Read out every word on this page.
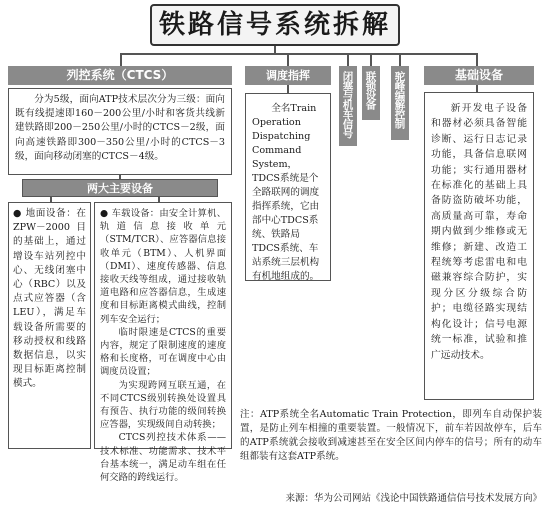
铁路信号系统拆解
列控系统（CTCS）

分为5级，面向ATP技术层次分为三级：面向既有线提速即160－200公里/小时和客货共线新建铁路即200－250公里/小时的CTCS－2级，面向高速铁路即300－350公里/小时的CTCS－3级，面向移动闭塞的CTCS－4级。

两大主要设备

● 地面设备：在ZPW－2000目的基础上，通过增设车站列控中心、无线闭塞中心（RBC）以及点式应答器（含LEU），满足车载设备所需要的移动授权和线路数据信息，以实现目标距离控制模式。

● 车载设备：由安全计算机、轨道信息接收单元（STM/TCR）、应答器信息接收单元（BTM）、人机界面（DMI）、速度传感器、信息接收天线等组成，通过接收轨道电路和应答器信息，生成速度和目标距离模式曲线，控制列车安全运行；

临时限速是CTCS的重要内容，规定了限制速度的速度格和长度格，可在调度中心由调度员设置；

为实现跨网互联互通，在不同CTCS级别转换处设置具有预告、执行功能的级间转换应答器，实现级间自动转换；

CTCS列控技术体系——技术标准、功能需求、技术平台基本统一，满足动车组在任何交路的跨线运行。

调度指挥

全名Train Operation Dispatching Command System，TDCS系统是个全路联网的调度指挥系统，它由部中心TDCS系统、铁路局TDCS系统、车站系统三层机构有机地组成的。

闭塞与机车信号	联锁设备	驼峰编解控制	基础设备

新开发电子设备和器材必须具备智能诊断、运行日志记录功能，具备信息联网功能；实行通用器材在标准化的基础上具备防盗防破坏功能，高质量高可靠，寿命期内做到少维修或无维修；新建、改造工程统筹考虑雷电和电磁兼容综合防护，实现分区分级综合防护；电缆径路实现结构化设计；信号电源统一标准，试验和推广远动技术。

注：ATP系统全名Automatic Train Protection，即列车自动保护装置，是防止列车相撞的重要装置。一般情况下，前车若因故停车，后车的ATP系统就会接收到减速甚至在安全区间内停车的信号；所有的动车组都装有这套ATP系统。
来源：华为公司网站《浅论中国铁路通信信号技术发展方向》
